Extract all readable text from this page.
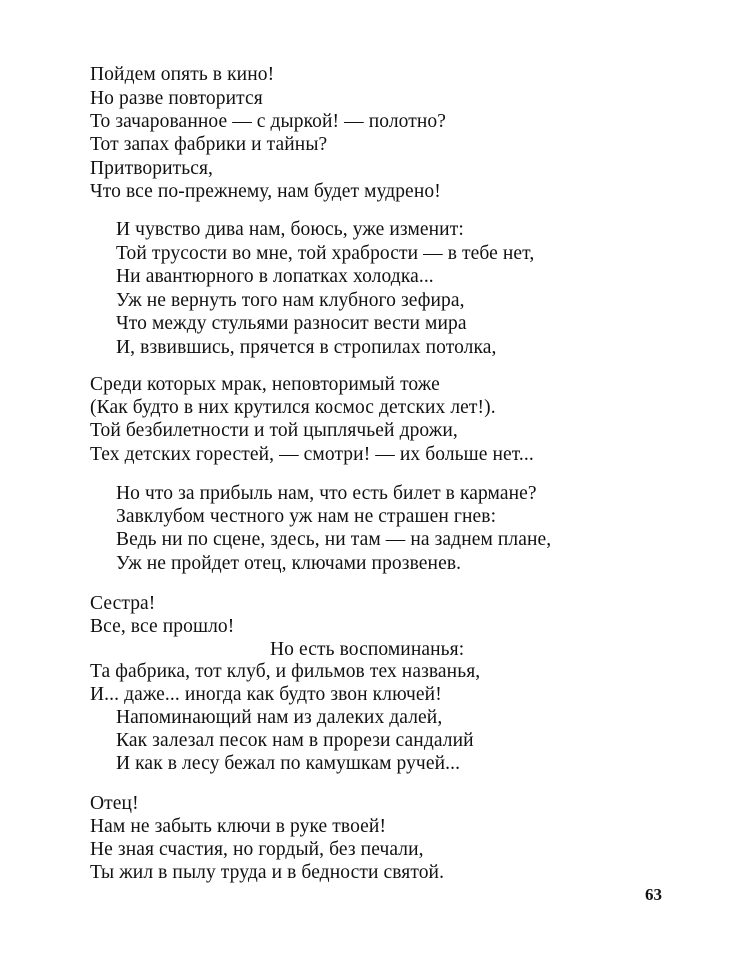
Пойдем опять в кино!
Но разве повторится
То зачарованное — с дыркой! — полотно?
Тот запах фабрики и тайны?
Притвориться,
Что все по-прежнему, нам будет мудрено!
И чувство дива нам, боюсь, уже изменит:
Той трусости во мне, той храбрости — в тебе нет,
Ни авантюрного в лопатках холодка...
Уж не вернуть того нам клубного зефира,
Что между стульями разносит вести мира
И, взвившись, прячется в стропилах потолка,
Среди которых мрак, неповторимый тоже
(Как будто в них крутился космос детских лет!).
Той безбилетности и той цыплячьей дрожи,
Тех детских горестей, — смотри! — их больше нет...
Но что за прибыль нам, что есть билет в кармане?
Завклубом честного уж нам не страшен гнев:
Ведь ни по сцене, здесь, ни там — на заднем плане,
Уж не пройдет отец, ключами прозвенев.
Сестра!
Все, все прошло!
Но есть воспоминанья:
Та фабрика, тот клуб, и фильмов тех названья,
И... даже... иногда как будто звон ключей!
Напоминающий нам из далеких далей,
Как залезал песок нам в прорези сандалий
И как в лесу бежал по камушкам ручей...
Отец!
Нам не забыть ключи в руке твоей!
Не зная счастия, но гордый, без печали,
Ты жил в пылу труда и в бедности святой.
63
